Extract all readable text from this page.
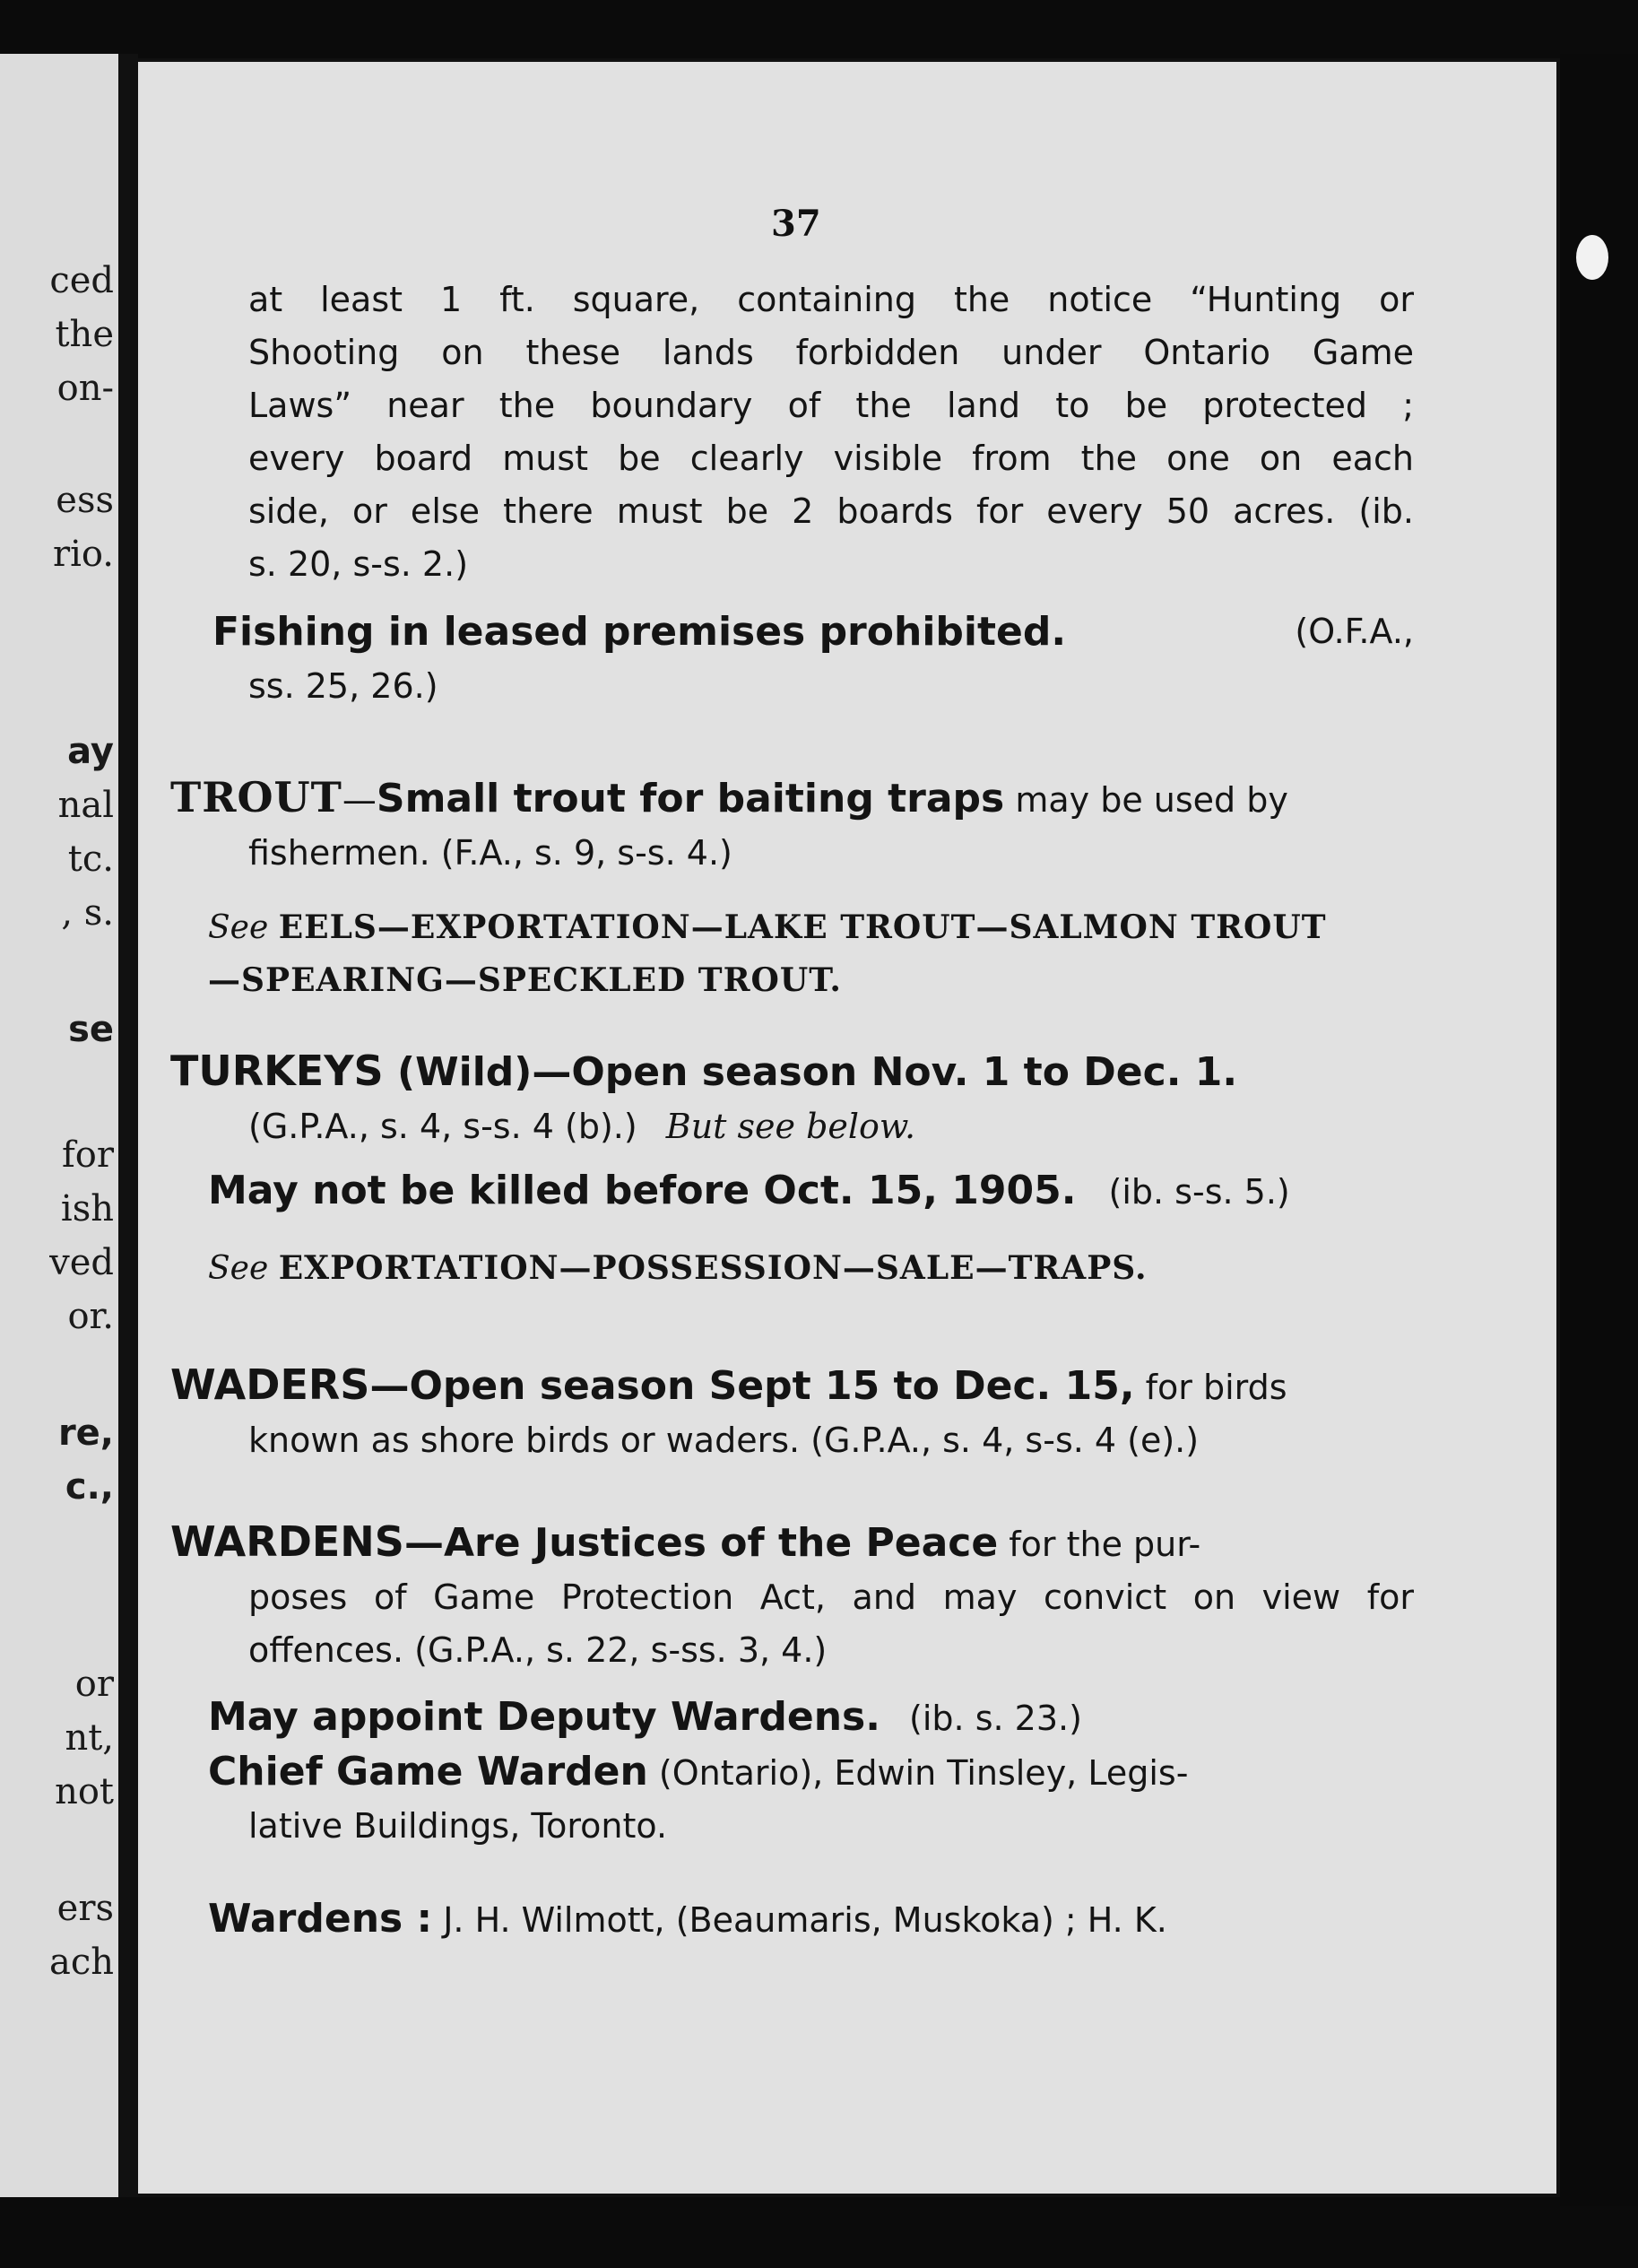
ced
the
on-
ess
rio.
ay
nal
tc.
, s.
se
for
ish
ved
or.
re,
c.,
or
nt,
not
ers
ach
37
at least 1 ft. square, containing the notice “Hunting or
Shooting on these lands forbidden under Ontario Game
Laws” near the boundary of the land to be protected ;
every board must be clearly visible from the one on each
side, or else there must be 2 boards for every 50 acres. (ib.
s. 20, s-s. 2.)
Fishing in leased premises prohibited.	(O.F.A.,
ss. 25, 26.)
TROUT—Small trout for baiting traps may be used by
fishermen. (F.A., s. 9, s-s. 4.)
See EELS—EXPORTATION—LAKE TROUT—SALMON TROUT
—SPEARING—SPECKLED TROUT.
TURKEYS (Wild)—Open season Nov. 1 to Dec. 1.
(G.P.A., s. 4, s-s. 4 (b).) But see below.
May not be killed before Oct. 15, 1905. (ib. s-s. 5.)
See EXPORTATION—POSSESSION—SALE—TRAPS.
WADERS—Open season Sept 15 to Dec. 15, for birds
known as shore birds or waders. (G.P.A., s. 4, s-s. 4 (e).)
WARDENS—Are Justices of the Peace for the pur-
poses of Game Protection Act, and may convict on view for
offences. (G.P.A., s. 22, s-ss. 3, 4.)
May appoint Deputy Wardens. (ib. s. 23.)
Chief Game Warden (Ontario), Edwin Tinsley, Legis-
lative Buildings, Toronto.
Wardens : J. H. Wilmott, (Beaumaris, Muskoka) ; H. K.
